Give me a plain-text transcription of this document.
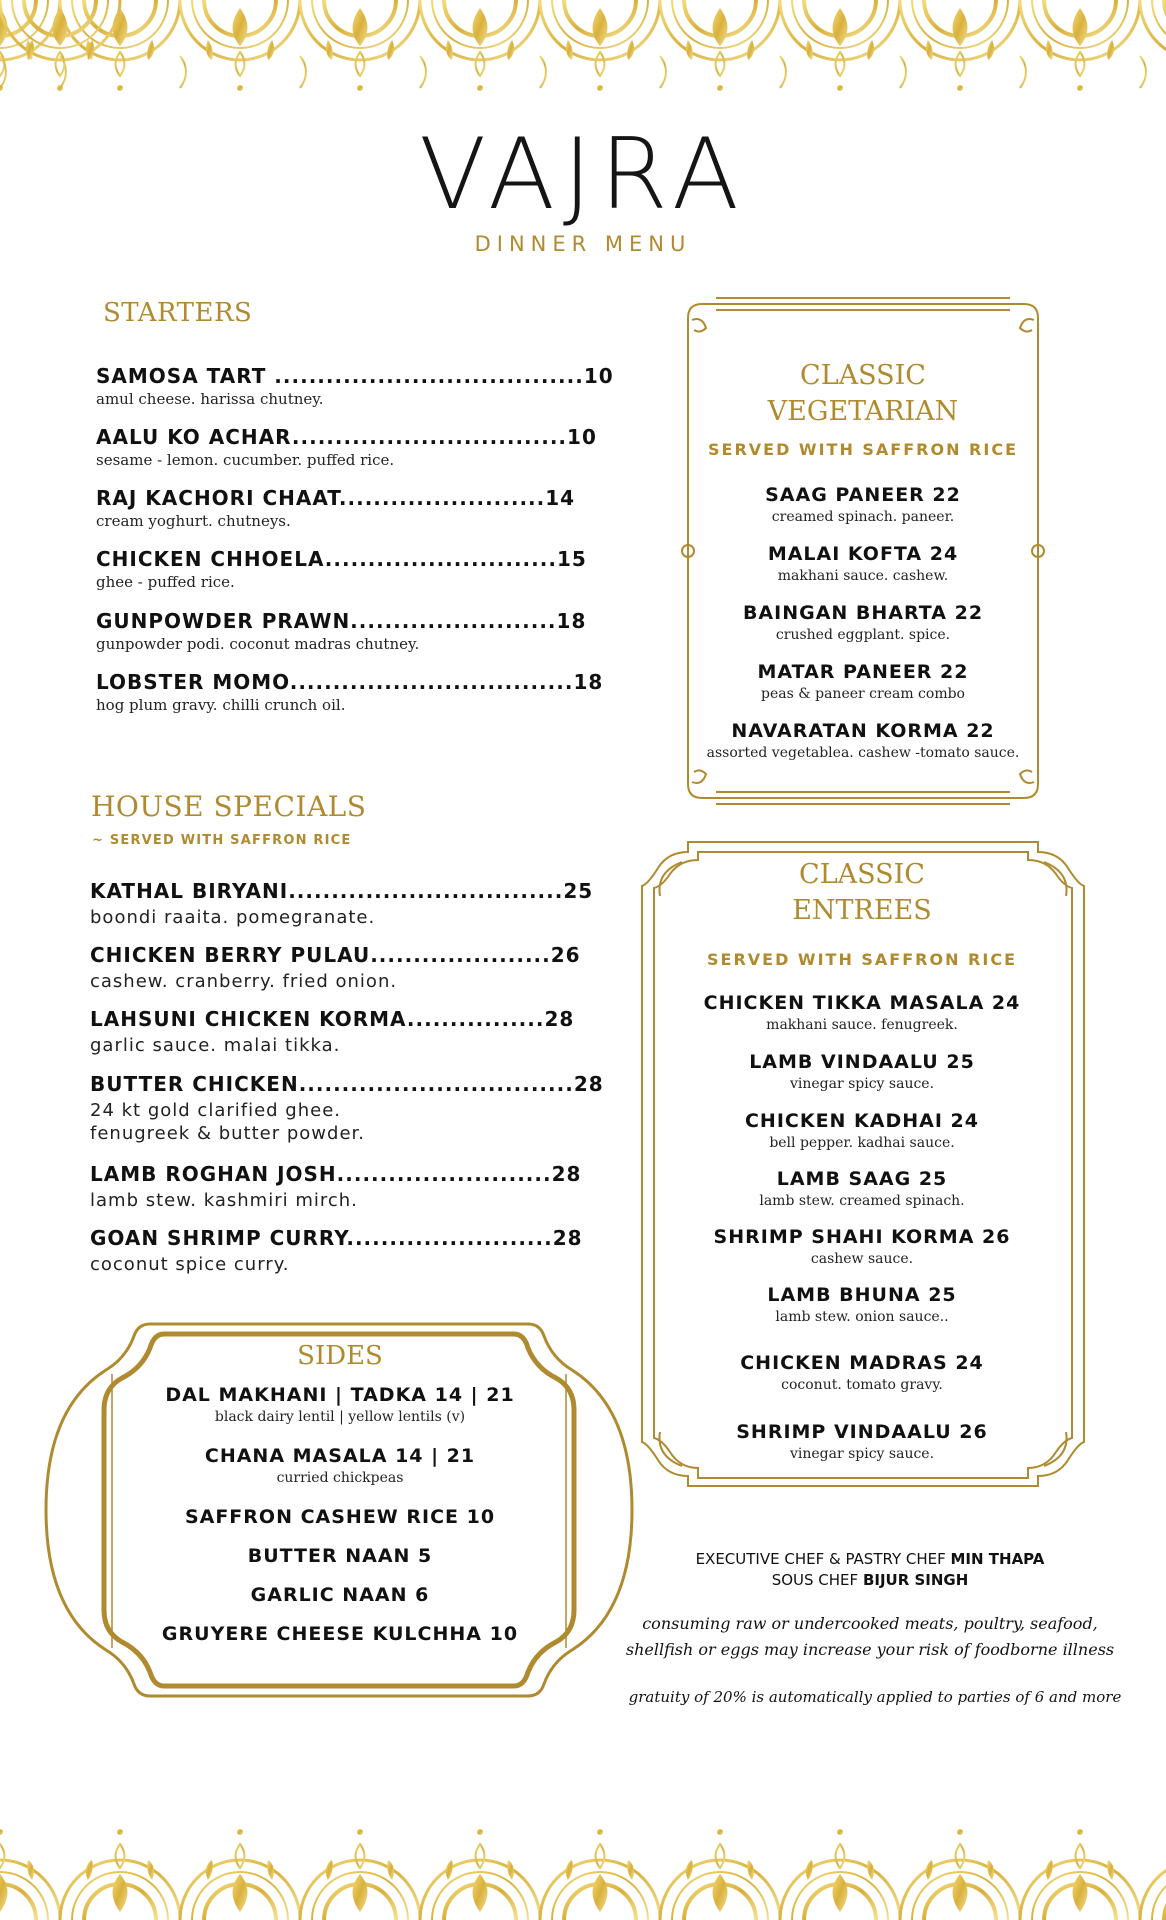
VAJRA
DINNER MENU
STARTERS
SAMOSA TART ....................................10
amul cheese. harissa chutney.
AALU KO ACHAR................................10
sesame - lemon. cucumber. puffed rice.
RAJ KACHORI CHAAT........................14
cream yoghurt. chutneys.
CHICKEN CHHOELA...........................15
ghee - puffed rice.
GUNPOWDER PRAWN........................18
gunpowder podi. coconut madras chutney.
LOBSTER MOMO.................................18
hog plum gravy. chilli crunch oil.
HOUSE SPECIALS
~ SERVED WITH SAFFRON RICE
KATHAL BIRYANI................................25
boondi raaita. pomegranate.
CHICKEN BERRY PULAU.....................26
cashew. cranberry. fried onion.
LAHSUNI CHICKEN KORMA................28
garlic sauce. malai tikka.
BUTTER CHICKEN................................28
24 kt gold clarified ghee.
fenugreek & butter powder.
LAMB ROGHAN JOSH.........................28
lamb stew. kashmiri mirch.
GOAN SHRIMP CURRY........................28
coconut spice curry.
CLASSIC
VEGETARIAN
SERVED WITH SAFFRON RICE
SAAG PANEER 22
creamed spinach. paneer.
MALAI KOFTA 24
makhani sauce. cashew.
BAINGAN BHARTA 22
crushed eggplant. spice.
MATAR PANEER 22
peas & paneer cream combo
NAVARATAN KORMA 22
assorted vegetablea. cashew -tomato sauce.
CLASSIC
ENTREES
SERVED WITH SAFFRON RICE
CHICKEN TIKKA MASALA 24
makhani sauce. fenugreek.
LAMB VINDAALU 25
vinegar spicy sauce.
CHICKEN KADHAI 24
bell pepper. kadhai sauce.
LAMB SAAG 25
lamb stew. creamed spinach.
SHRIMP SHAHI KORMA 26
cashew sauce.
LAMB BHUNA 25
lamb stew. onion sauce..
CHICKEN MADRAS 24
coconut. tomato gravy.
SHRIMP VINDAALU 26
vinegar spicy sauce.
SIDES
DAL MAKHANI | TADKA 14 | 21
black dairy lentil | yellow lentils (v)
CHANA MASALA 14 | 21
curried chickpeas
SAFFRON CASHEW RICE 10
BUTTER NAAN 5
GARLIC NAAN 6
GRUYERE CHEESE KULCHHA 10
EXECUTIVE CHEF & PASTRY CHEF MIN THAPA
SOUS CHEF BIJUR SINGH
consuming raw or undercooked meats, poultry, seafood,
shellfish or eggs may increase your risk of foodborne illness
gratuity of 20% is automatically applied to parties of 6 and more
